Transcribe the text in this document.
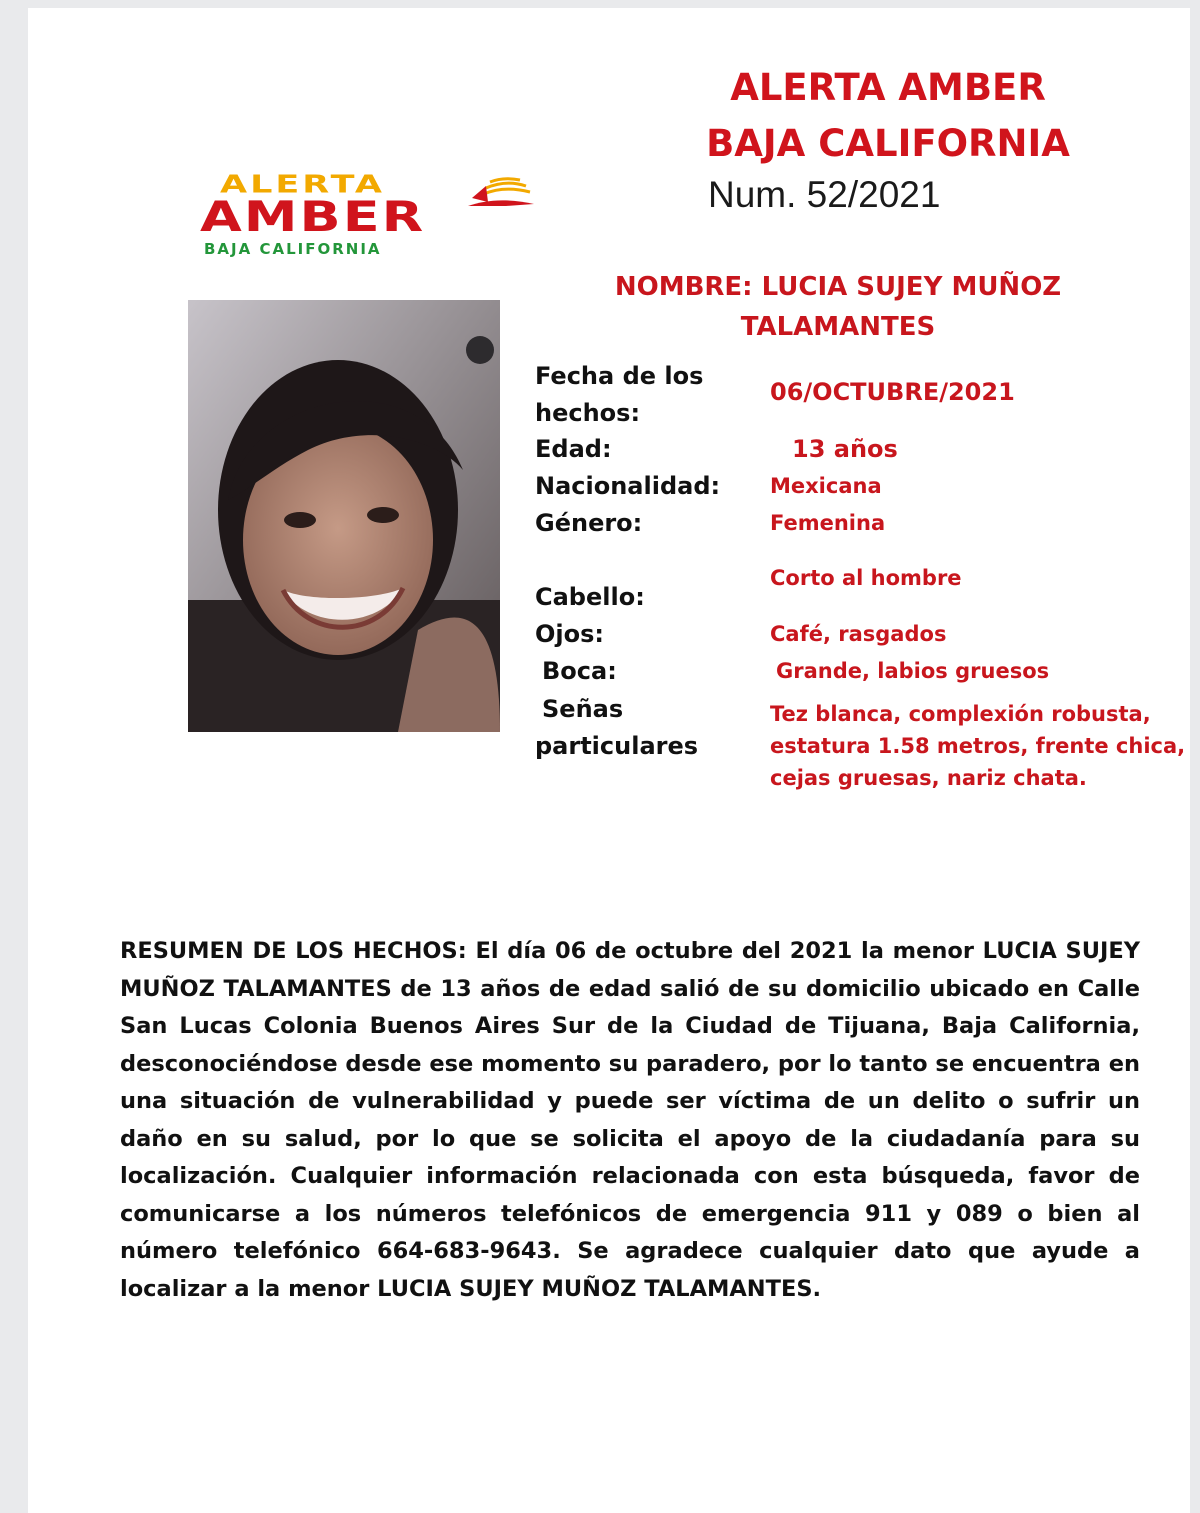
ALERTA AMBER
BAJA CALIFORNIA
Num. 52/2021
ALERTA
AMBER
BAJA CALIFORNIA
NOMBRE: LUCIA SUJEY MUÑOZ
TALAMANTES
Fecha de los
hechos:
Edad:
Nacionalidad:
Género:
Cabello:
Ojos:
Boca:
Señas
particulares
06/OCTUBRE/2021
13 años
Mexicana
Femenina
Corto al hombre
Café, rasgados
Grande, labios gruesos
Tez blanca, complexión robusta,
estatura 1.58 metros, frente chica,
cejas gruesas, nariz chata.
RESUMEN DE LOS HECHOS: El día 06 de octubre del 2021 la menor LUCIA SUJEY MUÑOZ TALAMANTES de 13 años de edad salió de su domicilio ubicado en Calle San Lucas Colonia Buenos Aires Sur de la Ciudad de Tijuana, Baja California, desconociéndose desde ese momento su paradero, por lo tanto se encuentra en una situación de vulnerabilidad y puede ser víctima de un delito o sufrir un daño en su salud, por lo que se solicita el apoyo de la ciudadanía para su localización. Cualquier información relacionada con esta búsqueda, favor de comunicarse a los números telefónicos de emergencia 911 y 089 o bien al número telefónico 664-683-9643. Se agradece cualquier dato que ayude a localizar a la menor LUCIA SUJEY MUÑOZ TALAMANTES.
